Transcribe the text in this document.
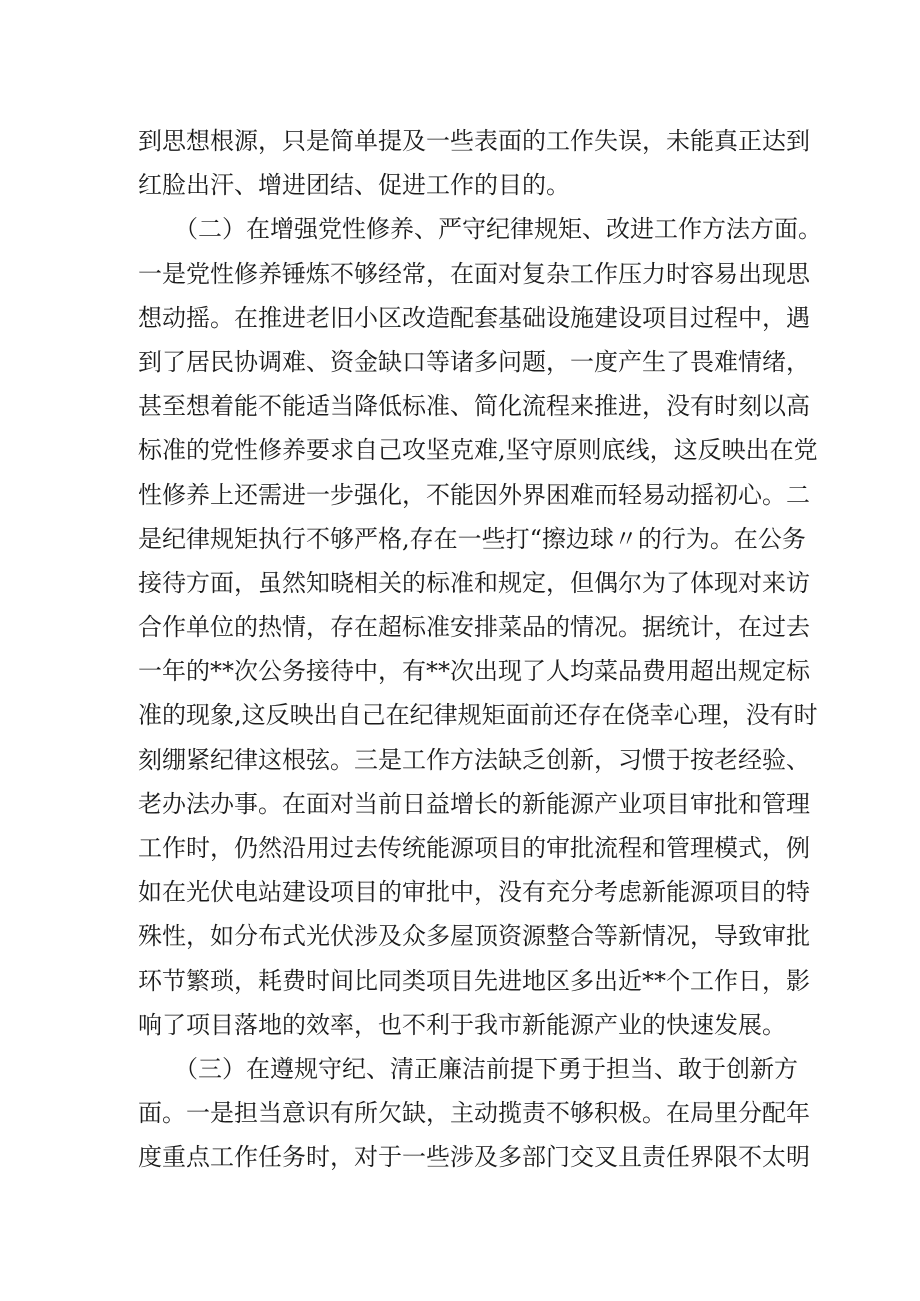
到思想根源，只是简单提及一些表面的工作失误，未能真正达到
红脸出汗、增进团结、促进工作的目的。
　　（二）在增强党性修养、严守纪律规矩、改进工作方法方面。
一是党性修养锤炼不够经常，在面对复杂工作压力时容易出现思
想动摇。在推进老旧小区改造配套基础设施建设项目过程中，遇
到了居民协调难、资金缺口等诸多问题，一度产生了畏难情绪，
甚至想着能不能适当降低标准、简化流程来推进，没有时刻以高
标准的党性修养要求自己攻坚克难,坚守原则底线，这反映出在党
性修养上还需进一步强化，不能因外界困难而轻易动摇初心。二
是纪律规矩执行不够严格,存在一些打“擦边球〃的行为。在公务
接待方面，虽然知晓相关的标准和规定，但偶尔为了体现对来访
合作单位的热情，存在超标准安排菜品的情况。据统计，在过去
一年的**次公务接待中，有**次出现了人均菜品费用超出规定标
准的现象,这反映出自己在纪律规矩面前还存在侥幸心理，没有时
刻绷紧纪律这根弦。三是工作方法缺乏创新，习惯于按老经验、
老办法办事。在面对当前日益增长的新能源产业项目审批和管理
工作时，仍然沿用过去传统能源项目的审批流程和管理模式，例
如在光伏电站建设项目的审批中，没有充分考虑新能源项目的特
殊性，如分布式光伏涉及众多屋顶资源整合等新情况，导致审批
环节繁琐，耗费时间比同类项目先进地区多出近**个工作日，影
响了项目落地的效率，也不利于我市新能源产业的快速发展。
　　（三）在遵规守纪、清正廉洁前提下勇于担当、敢于创新方
面。一是担当意识有所欠缺，主动揽责不够积极。在局里分配年
度重点工作任务时，对于一些涉及多部门交叉且责任界限不太明
